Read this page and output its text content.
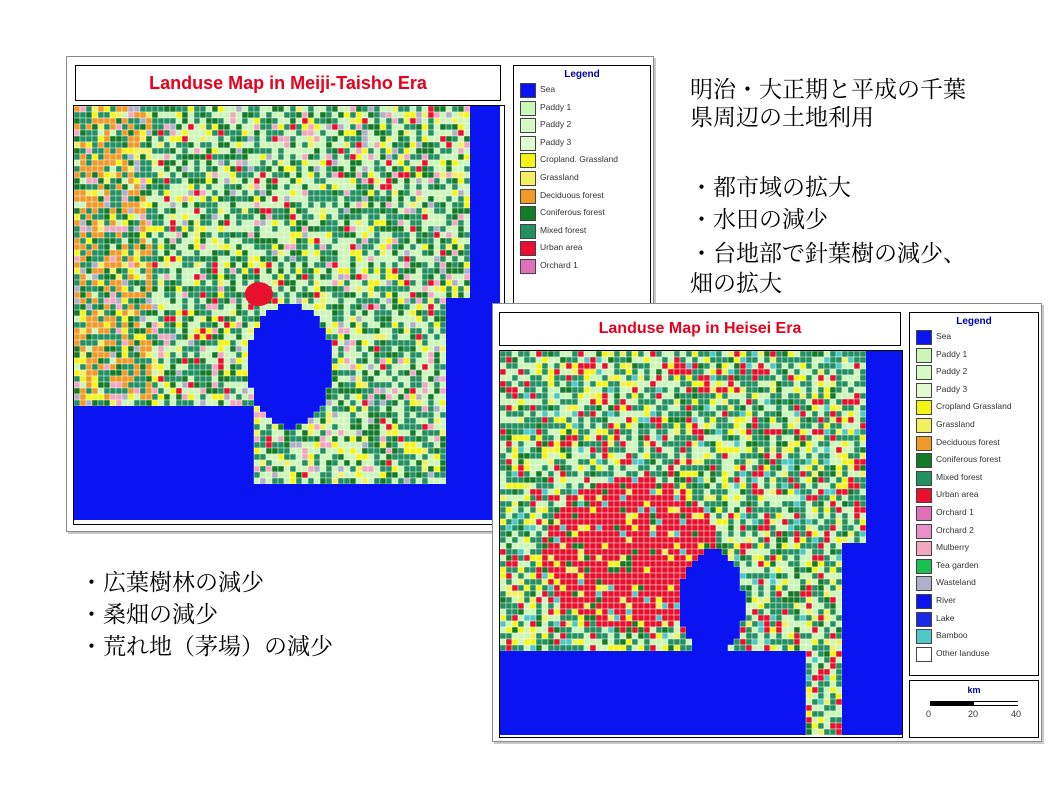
Landuse Map in Meiji-Taisho Era	Legend
Sea
Paddy 1
Paddy 2
Paddy 3
Cropland. Grassland
Grassland
Deciduous forest
Coniferous forest
Mixed forest
Urban area
Orchard 1
明治・大正期と平成の千葉
県周辺の土地利用
・都市域の拡大
・水田の減少
・台地部で針葉樹の減少、
畑の拡大
・広葉樹林の減少
・桑畑の減少
・荒れ地（茅場）の減少
Landuse Map in Heisei Era	Legend
Sea
Paddy 1
Paddy 2
Paddy 3
Cropland Grassland
Grassland
Deciduous forest
Coniferous forest
Mixed forest
Urban area
Orchard 1
Orchard 2
Mulberry
Tea garden
Wasteland
River
Lake
Bamboo
Other landuse
km
0	20	40
